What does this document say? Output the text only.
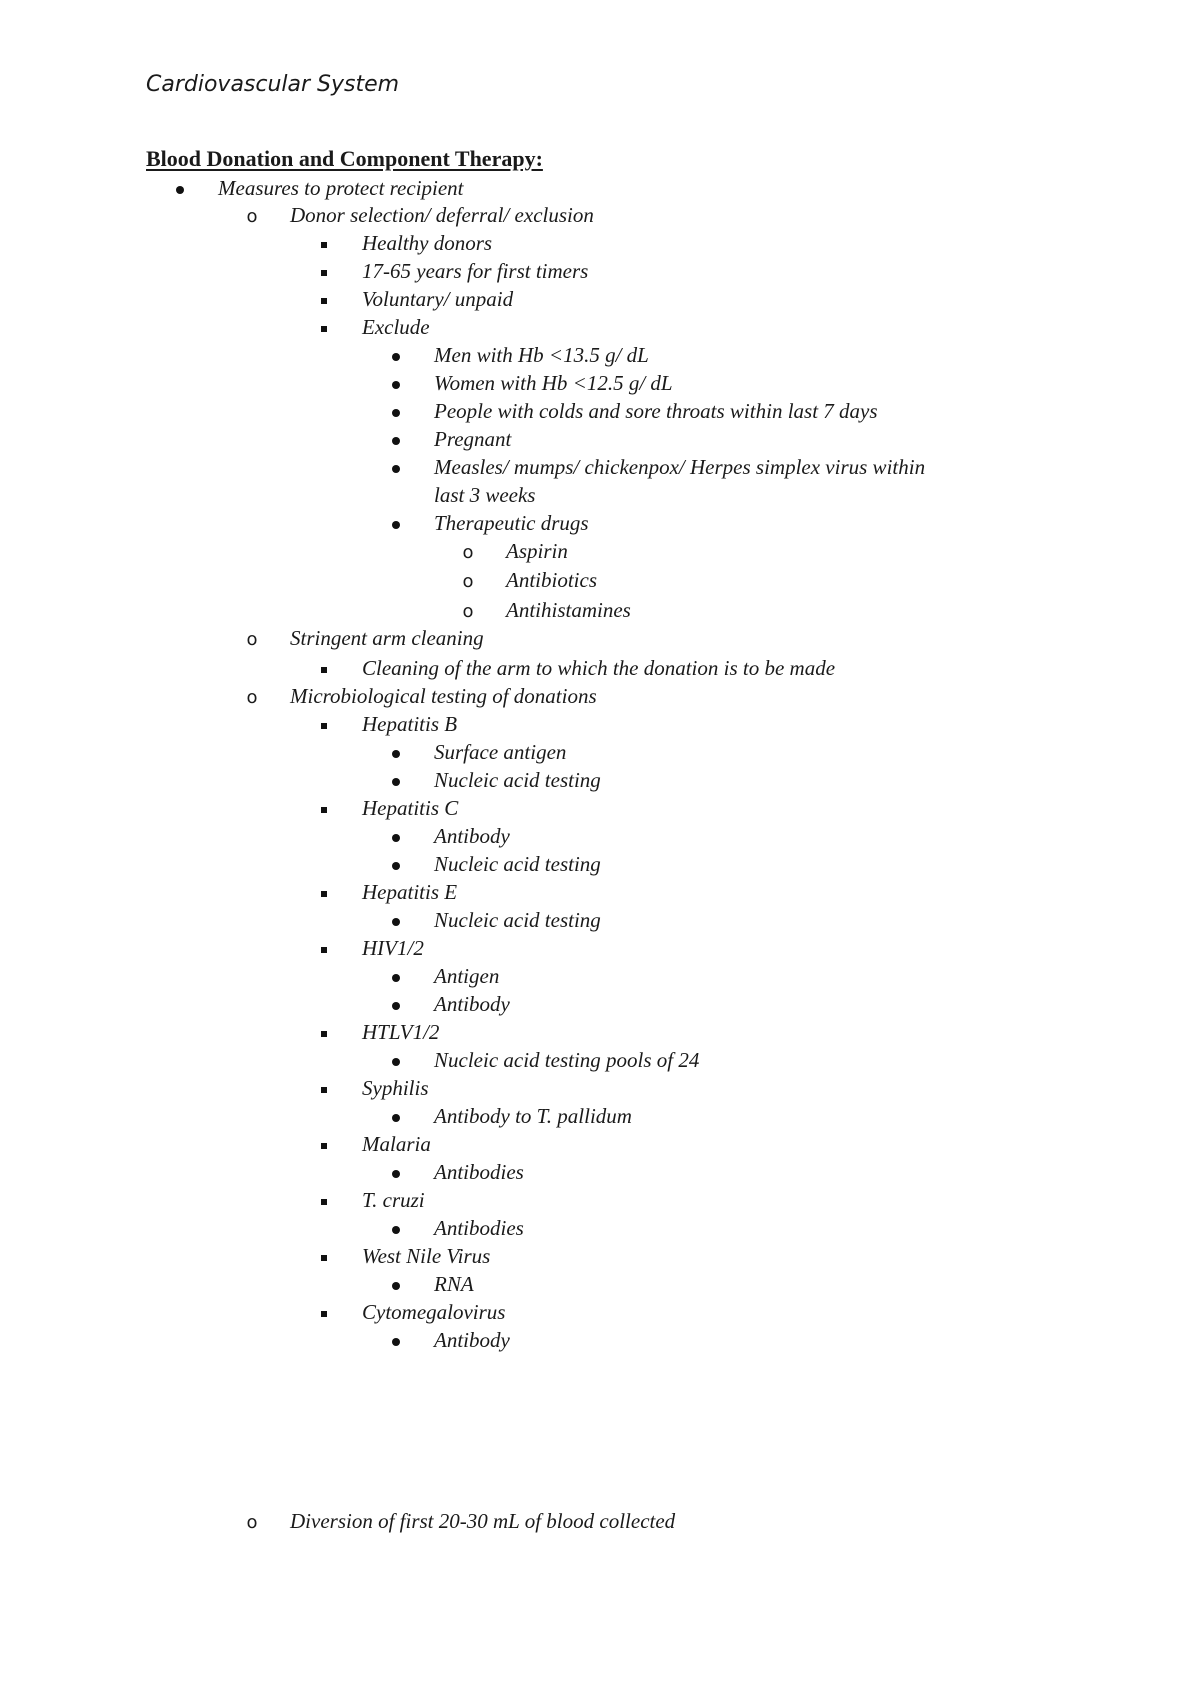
Cardiovascular System
Blood Donation and Component Therapy:
Measures to protect recipient
o
Donor selection/ deferral/ exclusion
Healthy donors
17-65 years for first timers
Voluntary/ unpaid
Exclude
Men with Hb <13.5 g/ dL
Women with Hb <12.5 g/ dL
People with colds and sore throats within last 7 days
Pregnant
Measles/ mumps/ chickenpox/ Herpes simplex virus within
last 3 weeks
Therapeutic drugs
o
Aspirin
o
Antibiotics
o
Antihistamines
o
Stringent arm cleaning
Cleaning of the arm to which the donation is to be made
o
Microbiological testing of donations
Hepatitis B
Surface antigen
Nucleic acid testing
Hepatitis C
Antibody
Nucleic acid testing
Hepatitis E
Nucleic acid testing
HIV1/2
Antigen
Antibody
HTLV1/2
Nucleic acid testing pools of 24
Syphilis
Antibody to T. pallidum
Malaria
Antibodies
T. cruzi
Antibodies
West Nile Virus
RNA
Cytomegalovirus
Antibody
o
Diversion of first 20-30 mL of blood collected
